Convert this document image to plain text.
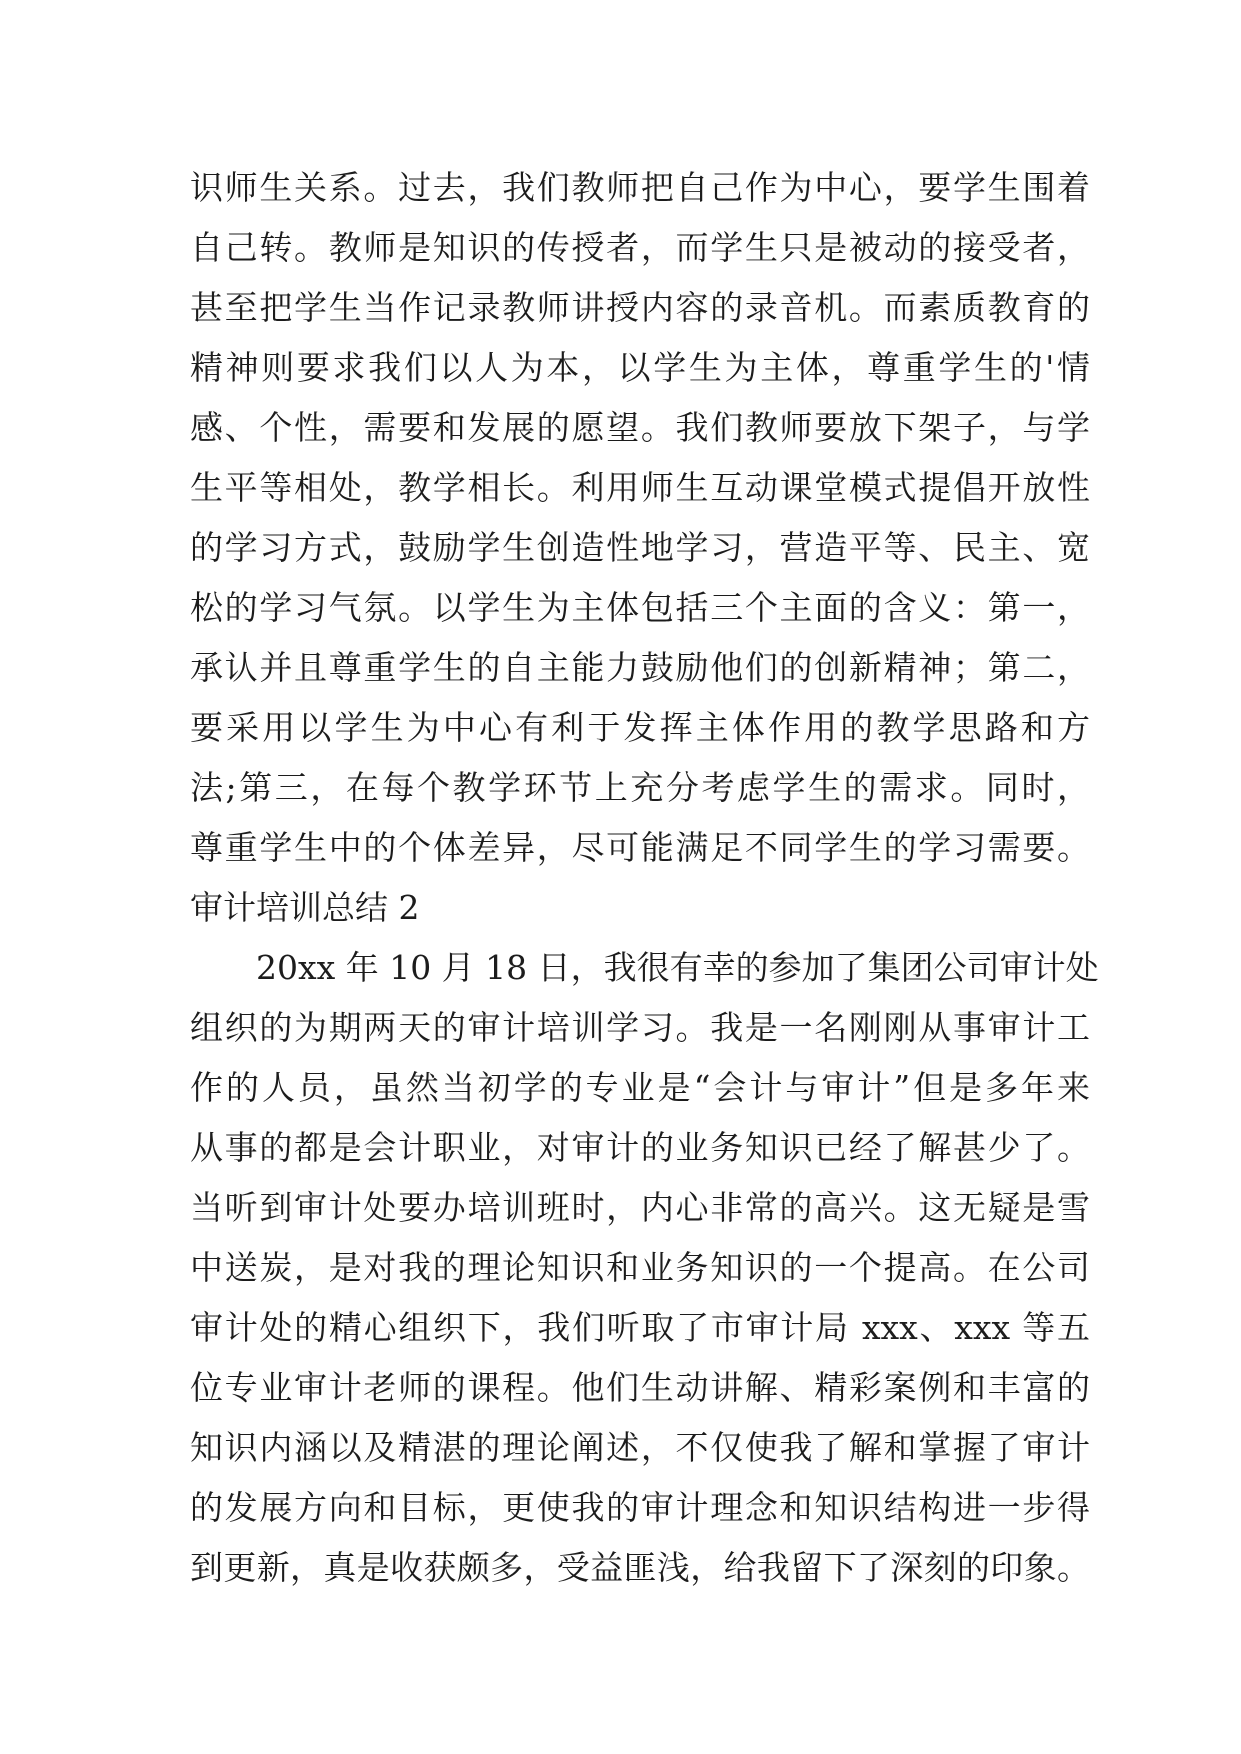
识师生关系。过去，我们教师把自己作为中心，要学生围着
自己转。教师是知识的传授者，而学生只是被动的接受者，
甚至把学生当作记录教师讲授内容的录音机。而素质教育的
精神则要求我们以人为本，以学生为主体，尊重学生的'情
感、个性，需要和发展的愿望。我们教师要放下架子，与学
生平等相处，教学相长。利用师生互动课堂模式提倡开放性
的学习方式，鼓励学生创造性地学习，营造平等、民主、宽
松的学习气氛。以学生为主体包括三个主面的含义：第一，
承认并且尊重学生的自主能力鼓励他们的创新精神；第二，
要采用以学生为中心有利于发挥主体作用的教学思路和方
法;第三，在每个教学环节上充分考虑学生的需求。同时，
尊重学生中的个体差异，尽可能满足不同学生的学习需要。
审计培训总结 2
20xx 年 10 月 18 日，我很有幸的参加了集团公司审计处
组织的为期两天的审计培训学习。我是一名刚刚从事审计工
作的人员，虽然当初学的专业是“会计与审计”但是多年来
从事的都是会计职业，对审计的业务知识已经了解甚少了。
当听到审计处要办培训班时，内心非常的高兴。这无疑是雪
中送炭，是对我的理论知识和业务知识的一个提高。在公司
审计处的精心组织下，我们听取了市审计局 xxx、xxx 等五
位专业审计老师的课程。他们生动讲解、精彩案例和丰富的
知识内涵以及精湛的理论阐述，不仅使我了解和掌握了审计
的发展方向和目标，更使我的审计理念和知识结构进一步得
到更新，真是收获颇多，受益匪浅，给我留下了深刻的印象。
